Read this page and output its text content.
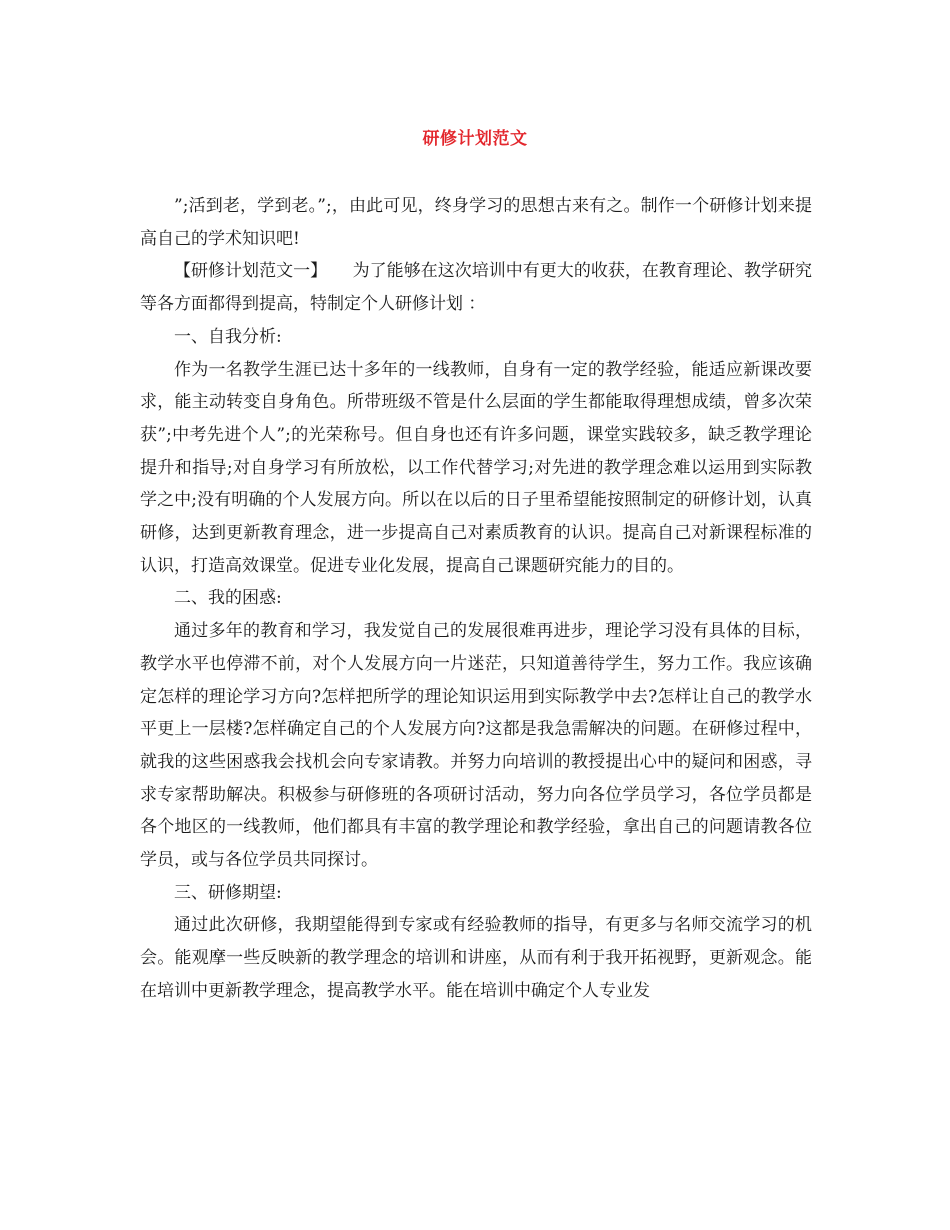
研修计划范文

”;活到老，学到老。”;，由此可见，终身学习的思想古来有之。制作一个研修计划来提高自己的学术知识吧!

【研修计划范文一】　　为了能够在这次培训中有更大的收获，在教育理论、教学研究等各方面都得到提高，特制定个人研修计划 ：

一、自我分析:

作为一名教学生涯已达十多年的一线教师，自身有一定的教学经验，能适应新课改要求，能主动转变自身角色。所带班级不管是什么层面的学生都能取得理想成绩，曾多次荣获”;中考先进个人”;的光荣称号。但自身也还有许多问题，课堂实践较多，缺乏教学理论提升和指导;对自身学习有所放松，以工作代替学习;对先进的教学理念难以运用到实际教学之中;没有明确的个人发展方向。所以在以后的日子里希望能按照制定的研修计划，认真研修，达到更新教育理念，进一步提高自己对素质教育的认识。提高自己对新课程标准的认识，打造高效课堂。促进专业化发展，提高自己课题研究能力的目的。

二、我的困惑:

通过多年的教育和学习，我发觉自己的发展很难再进步，理论学习没有具体的目标，教学水平也停滞不前，对个人发展方向一片迷茫，只知道善待学生，努力工作。我应该确定怎样的理论学习方向?怎样把所学的理论知识运用到实际教学中去?怎样让自己的教学水平更上一层楼?怎样确定自己的个人发展方向?这都是我急需解决的问题。在研修过程中，就我的这些困惑我会找机会向专家请教。并努力向培训的教授提出心中的疑问和困惑，寻求专家帮助解决。积极参与研修班的各项研讨活动，努力向各位学员学习，各位学员都是各个地区的一线教师，他们都具有丰富的教学理论和教学经验，拿出自己的问题请教各位学员，或与各位学员共同探讨。

三、研修期望:

通过此次研修，我期望能得到专家或有经验教师的指导，有更多与名师交流学习的机会。能观摩一些反映新的教学理念的培训和讲座，从而有利于我开拓视野，更新观念。能在培训中更新教学理念，提高教学水平。能在培训中确定个人专业发
